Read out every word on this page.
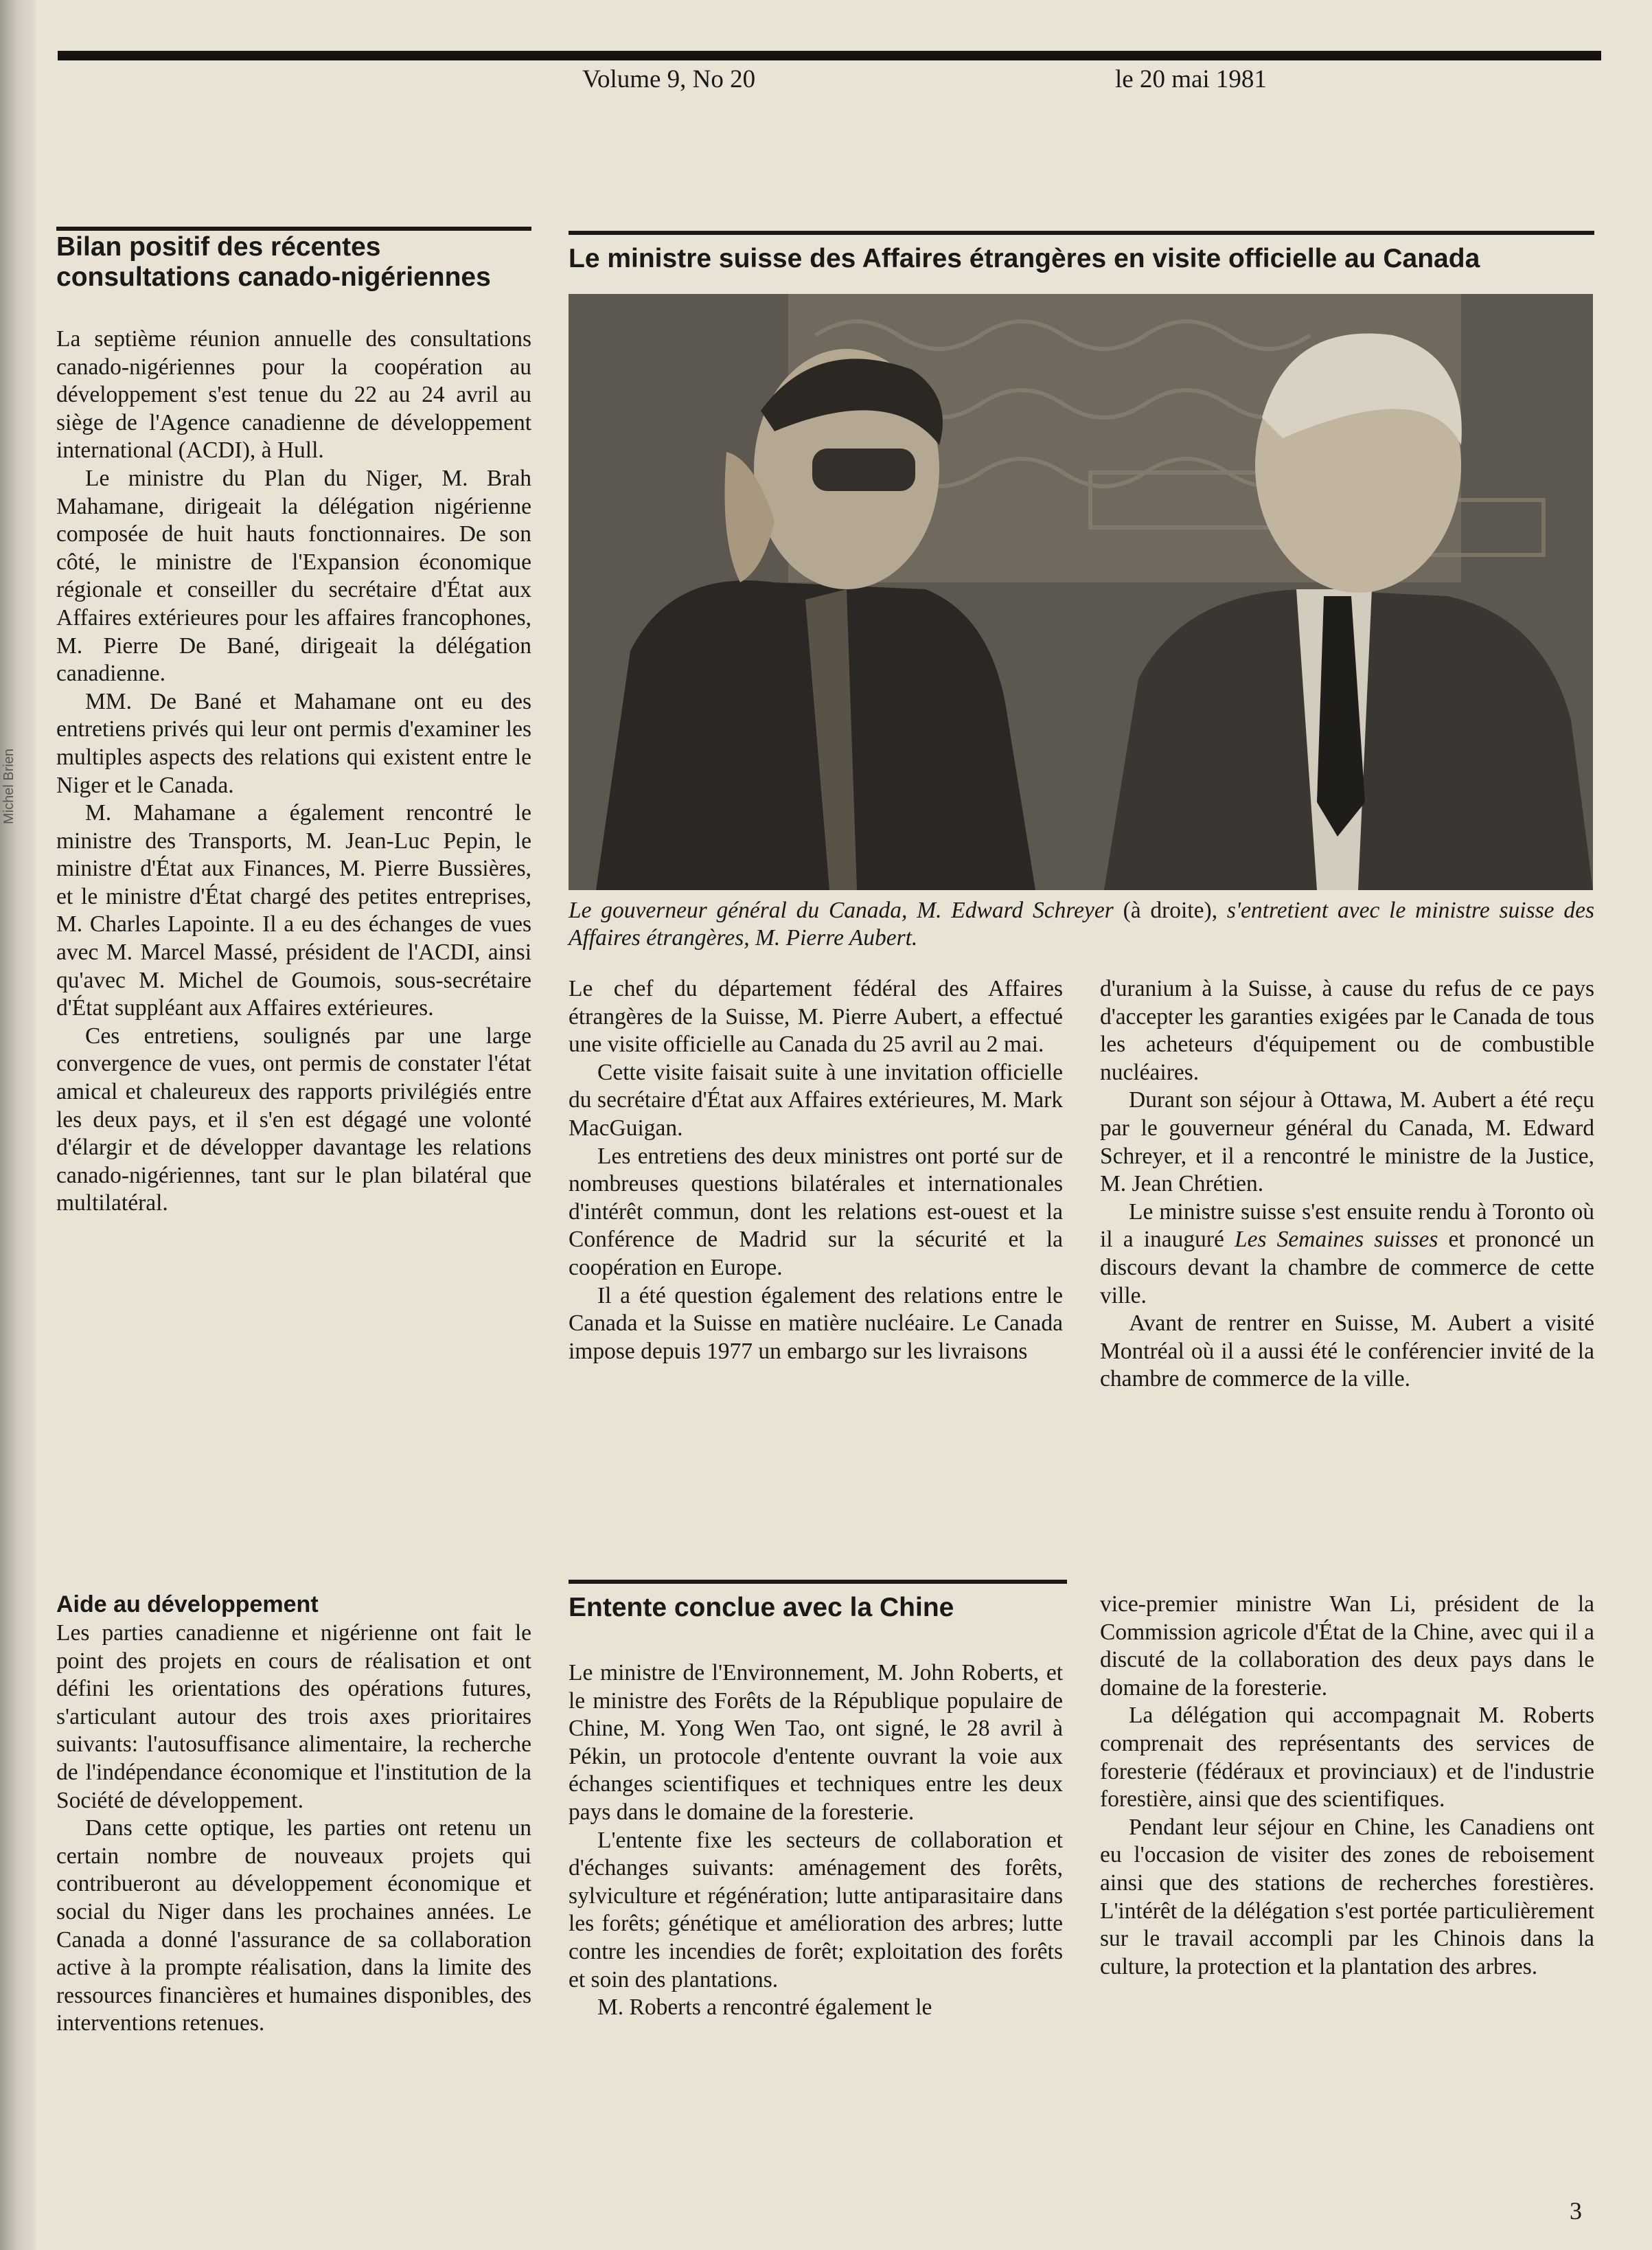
Michel Brien
Volume 9, No 20	le 20 mai 1981
Bilan positif des récentes consultations canado-nigériennes

La septième réunion annuelle des consultations canado-nigériennes pour la coopération au développement s'est tenue du 22 au 24 avril au siège de l'Agence canadienne de développement international (ACDI), à Hull.

Le ministre du Plan du Niger, M. Brah Mahamane, dirigeait la délégation nigérienne composée de huit hauts fonctionnaires. De son côté, le ministre de l'Expansion économique régionale et conseiller du secrétaire d'État aux Affaires extérieures pour les affaires francophones, M. Pierre De Bané, dirigeait la délégation canadienne.

MM. De Bané et Mahamane ont eu des entretiens privés qui leur ont permis d'examiner les multiples aspects des relations qui existent entre le Niger et le Canada.

M. Mahamane a également rencontré le ministre des Transports, M. Jean-Luc Pepin, le ministre d'État aux Finances, M. Pierre Bussières, et le ministre d'État chargé des petites entreprises, M. Charles Lapointe. Il a eu des échanges de vues avec M. Marcel Massé, président de l'ACDI, ainsi qu'avec M. Michel de Goumois, sous-secrétaire d'État suppléant aux Affaires extérieures.

Ces entretiens, soulignés par une large convergence de vues, ont permis de constater l'état amical et chaleureux des rapports privilégiés entre les deux pays, et il s'en est dégagé une volonté d'élargir et de développer davantage les relations canado-nigériennes, tant sur le plan bilatéral que multilatéral.

Aide au développement

Les parties canadienne et nigérienne ont fait le point des projets en cours de réalisation et ont défini les orientations des opérations futures, s'articulant autour des trois axes prioritaires suivants: l'autosuffisance alimentaire, la recherche de l'indépendance économique et l'institution de la Société de développement.

Dans cette optique, les parties ont retenu un certain nombre de nouveaux projets qui contribueront au développement économique et social du Niger dans les prochaines années. Le Canada a donné l'assurance de sa collaboration active à la prompte réalisation, dans la limite des ressources financières et humaines disponibles, des interventions retenues.

Le ministre suisse des Affaires étrangères en visite officielle au Canada
Le gouverneur général du Canada, M. Edward Schreyer (à droite), s'entretient avec le ministre suisse des Affaires étrangères, M. Pierre Aubert.

Le chef du département fédéral des Affaires étrangères de la Suisse, M. Pierre Aubert, a effectué une visite officielle au Canada du 25 avril au 2 mai.

Cette visite faisait suite à une invitation officielle du secrétaire d'État aux Affaires extérieures, M. Mark MacGuigan.

Les entretiens des deux ministres ont porté sur de nombreuses questions bilatérales et internationales d'intérêt commun, dont les relations est-ouest et la Conférence de Madrid sur la sécurité et la coopération en Europe.

Il a été question également des relations entre le Canada et la Suisse en matière nucléaire. Le Canada impose depuis 1977 un embargo sur les livraisons

d'uranium à la Suisse, à cause du refus de ce pays d'accepter les garanties exigées par le Canada de tous les acheteurs d'équipement ou de combustible nucléaires.

Durant son séjour à Ottawa, M. Aubert a été reçu par le gouverneur général du Canada, M. Edward Schreyer, et il a rencontré le ministre de la Justice, M. Jean Chrétien.

Le ministre suisse s'est ensuite rendu à Toronto où il a inauguré Les Semaines suisses et prononcé un discours devant la chambre de commerce de cette ville.

Avant de rentrer en Suisse, M. Aubert a visité Montréal où il a aussi été le conférencier invité de la chambre de commerce de la ville.

Entente conclue avec la Chine

Le ministre de l'Environnement, M. John Roberts, et le ministre des Forêts de la République populaire de Chine, M. Yong Wen Tao, ont signé, le 28 avril à Pékin, un protocole d'entente ouvrant la voie aux échanges scientifiques et techniques entre les deux pays dans le domaine de la foresterie.

L'entente fixe les secteurs de collaboration et d'échanges suivants: aménagement des forêts, sylviculture et régénération; lutte antiparasitaire dans les forêts; génétique et amélioration des arbres; lutte contre les incendies de forêt; exploitation des forêts et soin des plantations.

M. Roberts a rencontré également le

vice-premier ministre Wan Li, président de la Commission agricole d'État de la Chine, avec qui il a discuté de la collaboration des deux pays dans le domaine de la foresterie.

La délégation qui accompagnait M. Roberts comprenait des représentants des services de foresterie (fédéraux et provinciaux) et de l'industrie forestière, ainsi que des scientifiques.

Pendant leur séjour en Chine, les Canadiens ont eu l'occasion de visiter des zones de reboisement ainsi que des stations de recherches forestières. L'intérêt de la délégation s'est portée particulièrement sur le travail accompli par les Chinois dans la culture, la protection et la plantation des arbres.

3
